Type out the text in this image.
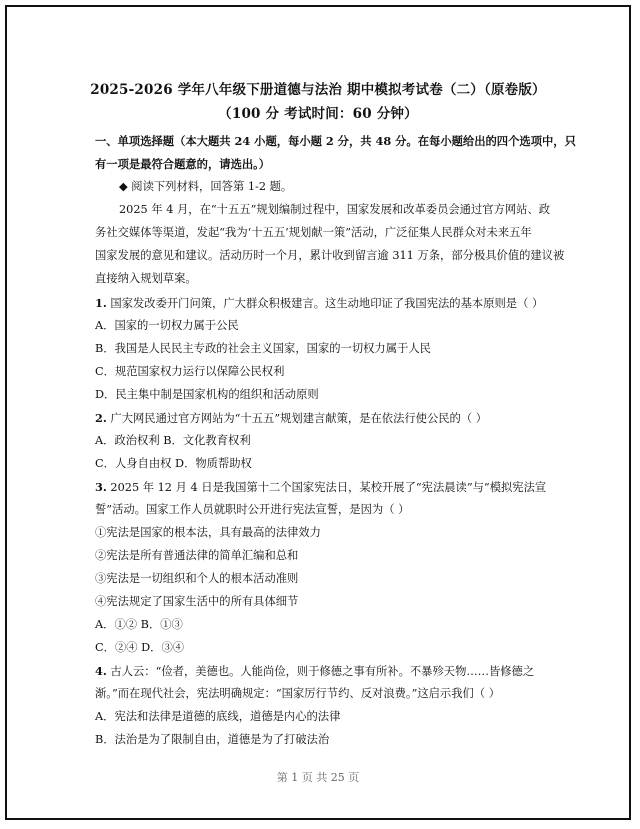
2025-2026 学年八年级下册道德与法治 期中模拟考试卷（二）（原卷版）
（100 分 考试时间：60 分钟）
一、单项选择题（本大题共 24 小题，每小题 2 分，共 48 分。在每小题给出的四个选项中，只
有一项是最符合题意的，请选出。）
◆ 阅读下列材料，回答第 1-2 题。
2025 年 4 月，在“十五五”规划编制过程中，国家发展和改革委员会通过官方网站、政
务社交媒体等渠道，发起“我为‘十五五’规划献一策”活动，广泛征集人民群众对未来五年
国家发展的意见和建议。活动历时一个月，累计收到留言逾 311 万条，部分极具价值的建议被
直接纳入规划草案。
1. 国家发改委开门问策，广大群众积极建言。这生动地印证了我国宪法的基本原则是（ ）
A．国家的一切权力属于公民
B．我国是人民民主专政的社会主义国家，国家的一切权力属于人民
C．规范国家权力运行以保障公民权利
D．民主集中制是国家机构的组织和活动原则
2. 广大网民通过官方网站为“十五五”规划建言献策，是在依法行使公民的（ ）
A．政治权利 B．文化教育权利
C．人身自由权 D．物质帮助权
3. 2025 年 12 月 4 日是我国第十二个国家宪法日，某校开展了“宪法晨读”与“模拟宪法宣
誓”活动。国家工作人员就职时公开进行宪法宣誓，是因为（ ）
①宪法是国家的根本法，具有最高的法律效力
②宪法是所有普通法律的简单汇编和总和
③宪法是一切组织和个人的根本活动准则
④宪法规定了国家生活中的所有具体细节
A．①② B．①③
C．②④ D．③④
4. 古人云：“俭者，美德也。人能尚俭，则于修德之事有所补。不暴殄天物……皆修德之
渐。”而在现代社会，宪法明确规定：“国家厉行节约、反对浪费。”这启示我们（ ）
A．宪法和法律是道德的底线，道德是内心的法律
B．法治是为了限制自由，道德是为了打破法治
第 1 页 共 25 页
